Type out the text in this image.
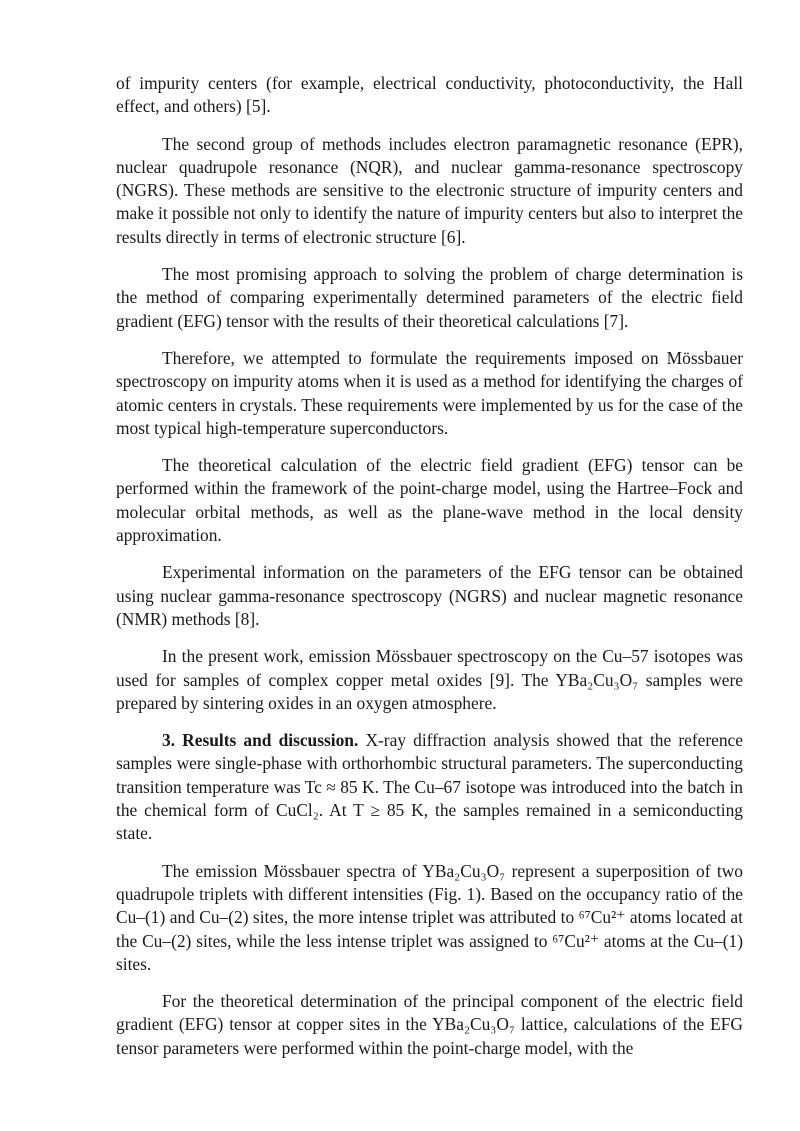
of impurity centers (for example, electrical conductivity, photoconductivity, the Hall effect, and others) [5].

The second group of methods includes electron paramagnetic resonance (EPR), nuclear quadrupole resonance (NQR), and nuclear gamma-resonance spectroscopy (NGRS). These methods are sensitive to the electronic structure of impurity centers and make it possible not only to identify the nature of impurity centers but also to interpret the results directly in terms of electronic structure [6].

The most promising approach to solving the problem of charge determination is the method of comparing experimentally determined parameters of the electric field gradient (EFG) tensor with the results of their theoretical calculations [7].

Therefore, we attempted to formulate the requirements imposed on Mössbauer spectroscopy on impurity atoms when it is used as a method for identifying the charges of atomic centers in crystals. These requirements were implemented by us for the case of the most typical high-temperature superconductors.

The theoretical calculation of the electric field gradient (EFG) tensor can be performed within the framework of the point-charge model, using the Hartree–Fock and molecular orbital methods, as well as the plane-wave method in the local density approximation.

Experimental information on the parameters of the EFG tensor can be obtained using nuclear gamma-resonance spectroscopy (NGRS) and nuclear magnetic resonance (NMR) methods [8].

In the present work, emission Mössbauer spectroscopy on the Cu–57 isotopes was used for samples of complex copper metal oxides [9]. The YBa₂Cu₃O₇ samples were prepared by sintering oxides in an oxygen atmosphere.

3. Results and discussion. X-ray diffraction analysis showed that the reference samples were single-phase with orthorhombic structural parameters. The superconducting transition temperature was Tc ≈ 85 K. The Cu–67 isotope was introduced into the batch in the chemical form of CuCl₂. At T ≥ 85 K, the samples remained in a semiconducting state.

The emission Mössbauer spectra of YBa₂Cu₃O₇ represent a superposition of two quadrupole triplets with different intensities (Fig. 1). Based on the occupancy ratio of the Cu–(1) and Cu–(2) sites, the more intense triplet was attributed to ⁶⁷Cu²⁺ atoms located at the Cu–(2) sites, while the less intense triplet was assigned to ⁶⁷Cu²⁺ atoms at the Cu–(1) sites.

For the theoretical determination of the principal component of the electric field gradient (EFG) tensor at copper sites in the YBa₂Cu₃O₇ lattice, calculations of the EFG tensor parameters were performed within the point-charge model, with the
